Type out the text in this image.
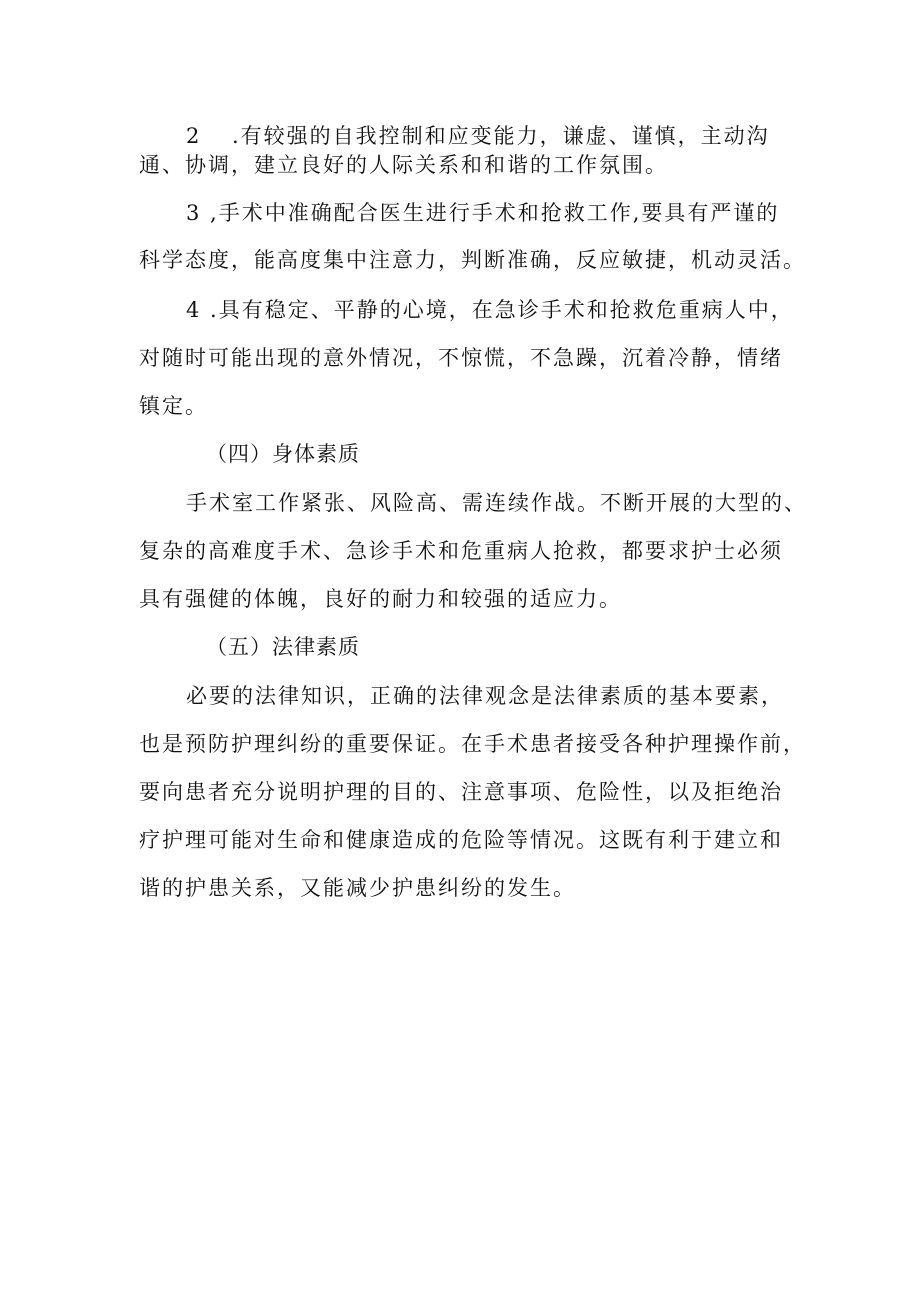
2 .有较强的自我控制和应变能力，谦虚、谨慎，主动沟
通、协调，建立良好的人际关系和和谐的工作氛围。
3 ,手术中准确配合医生进行手术和抢救工作,要具有严谨的
科学态度，能高度集中注意力，判断准确，反应敏捷，机动灵活。
4 .具有稳定、平静的心境，在急诊手术和抢救危重病人中，
对随时可能出现的意外情况，不惊慌，不急躁，沉着冷静，情绪
镇定。
（四）身体素质
手术室工作紧张、风险高、需连续作战。不断开展的大型的、
复杂的高难度手术、急诊手术和危重病人抢救，都要求护士必须
具有强健的体魄，良好的耐力和较强的适应力。
（五）法律素质
必要的法律知识，正确的法律观念是法律素质的基本要素，
也是预防护理纠纷的重要保证。在手术患者接受各种护理操作前，
要向患者充分说明护理的目的、注意事项、危险性，以及拒绝治
疗护理可能对生命和健康造成的危险等情况。这既有利于建立和
谐的护患关系，又能减少护患纠纷的发生。
